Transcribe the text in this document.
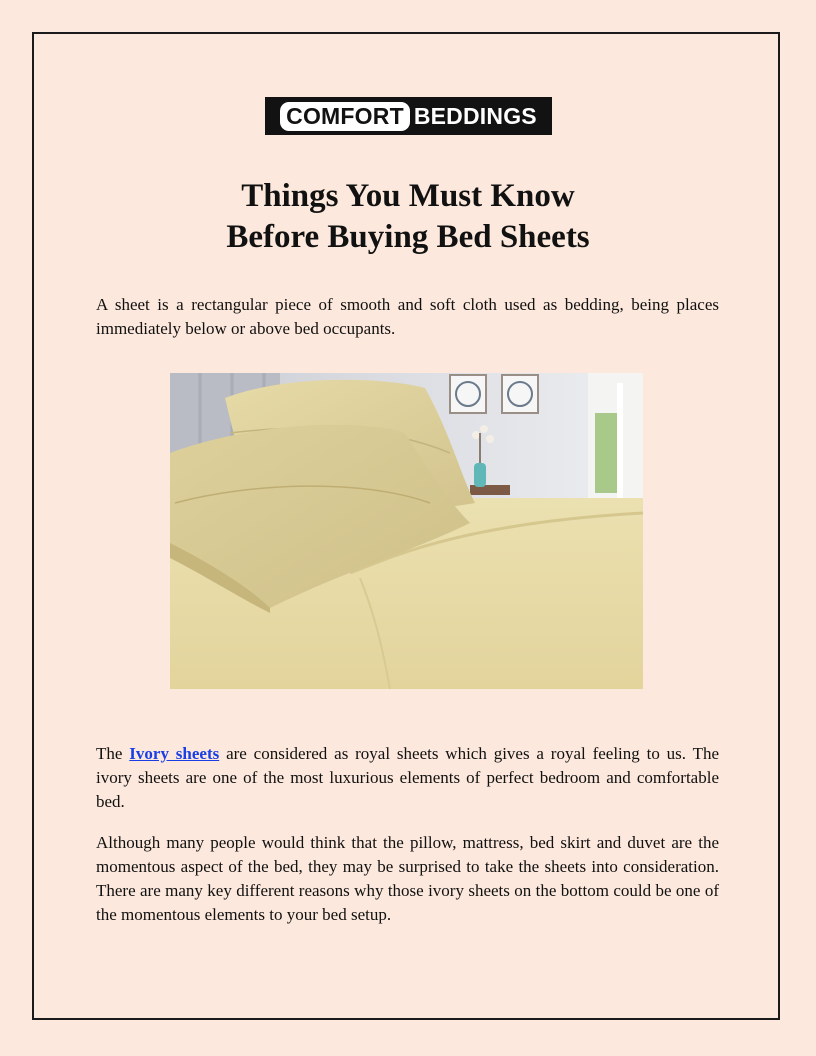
COMFORT BEDDINGS
Things You Must Know
Before Buying Bed Sheets

A sheet is a rectangular piece of smooth and soft cloth used as bedding, being places immediately below or above bed occupants.

The Ivory sheets are considered as royal sheets which gives a royal feeling to us. The ivory sheets are one of the most luxurious elements of perfect bedroom and comfortable bed.

Although many people would think that the pillow, mattress, bed skirt and duvet are the momentous aspect of the bed, they may be surprised to take the sheets into consideration. There are many key different reasons why those ivory sheets on the bottom could be one of the momentous elements to your bed setup.
